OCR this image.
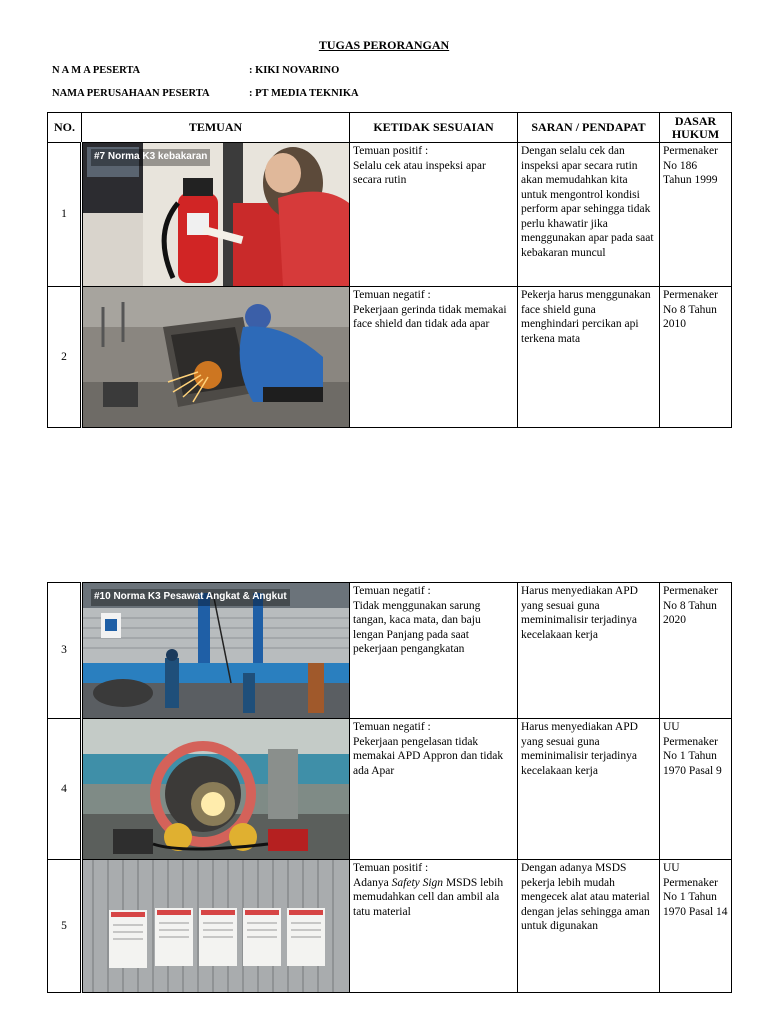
TUGAS PERORANGAN
N A M A PESERTA	: KIKI NOVARINO
NAMA PERUSAHAAN PESERTA	: PT MEDIA TEKNIKA
NO.	TEMUAN	KETIDAK SESUAIAN	SARAN / PENDAPAT	DASAR HUKUM
1	#7 Norma K3 kebakaran	Temuan positif :
Selalu cek atau inspeksi apar secara rutin	Dengan selalu cek dan inspeksi apar secara rutin akan memudahkan kita untuk mengontrol kondisi perform apar sehingga tidak perlu khawatir jika menggunakan apar pada saat kebakaran muncul	Permenaker No 186 Tahun 1999
2		Temuan negatif :
Pekerjaan gerinda tidak memakai face shield dan tidak ada apar	Pekerja harus menggunakan face shield guna menghindari percikan api terkena mata	Permenaker No 8 Tahun 2010
3	#10 Norma K3 Pesawat Angkat & Angkut	Temuan negatif :
Tidak menggunakan sarung tangan, kaca mata, dan baju lengan Panjang pada saat pekerjaan pengangkatan	Harus menyediakan APD yang sesuai guna meminimalisir terjadinya kecelakaan kerja	Permenaker No 8 Tahun 2020
4		Temuan negatif :
Pekerjaan pengelasan tidak memakai APD Appron dan tidak ada Apar	Harus menyediakan APD yang sesuai guna meminimalisir terjadinya kecelakaan kerja	UU Permenaker No 1 Tahun 1970 Pasal 9
5		Temuan positif :
Adanya Safety Sign MSDS lebih memudahkan cell dan ambil ala tatu material	Dengan adanya MSDS pekerja lebih mudah mengecek alat atau material dengan jelas sehingga aman untuk digunakan	UU Permenaker No 1 Tahun 1970 Pasal 14
